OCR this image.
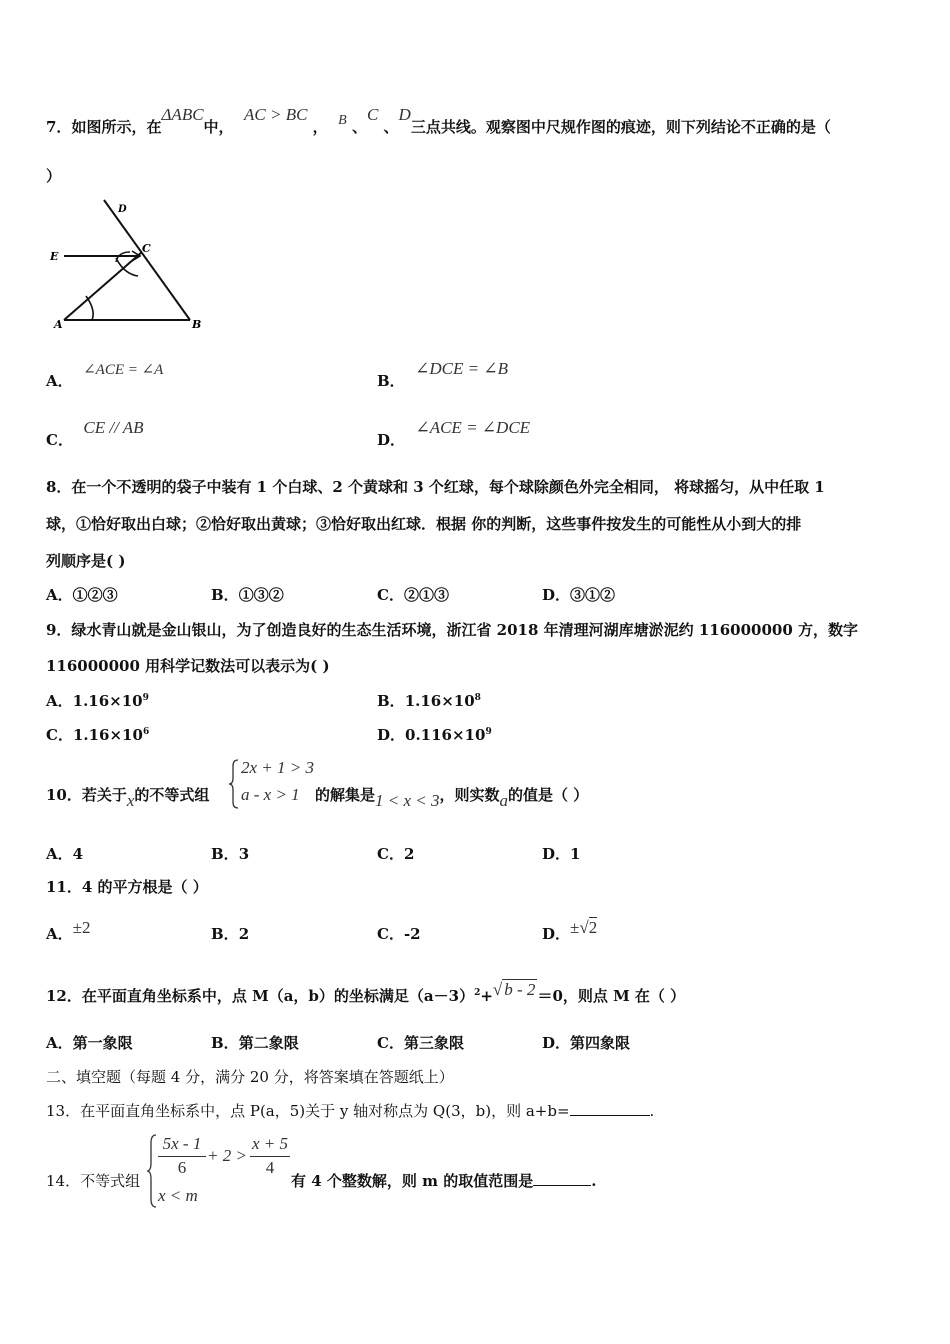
7．如图所示，在ΔABC中，  AC > BC ， B 、C 、D三点共线。观察图中尺规作图的痕迹，则下列结论不正确的是（
）
D
C
E
A	B
A．  ∠ACE = ∠A
B．  ∠DCE = ∠B
C．  CE // AB
D．  ∠ACE = ∠DCE
8．在一个不透明的袋子中装有 1 个白球、2 个黄球和 3 个红球，每个球除颜色外完全相同， 将球摇匀，从中任取 1
球，①恰好取出白球；②恰好取出黄球；③恰好取出红球．根据 你的判断，这些事件按发生的可能性从小到大的排
列顺序是( )
A．①②③	B．①③②	C．②①③	D．③①②
9．绿水青山就是金山银山，为了创造良好的生态生活环境，浙江省 2018 年清理河湖库塘淤泥约 116000000 方，数字
116000000 用科学记数法可以表示为( )
A．$1.16\times 10^9$	B．$1.16\times 10^8$
C．$1.16\times 10^6$	D．$0.116\times 10^9$
10．若关于x的不等式组
2x + 1 > 3
a - x > 1 的解集是1 < x < 3，则实数a的值是（ ）
A．4	B．3	C．2	D．1
11．4 的平方根是（ ）
A．±2	B．2	C．-2	D．±√2
12．在平面直角坐标系中，点 M（a，b）的坐标满足$(a-3)^2+√$ b - 2 ＝0，则点 M 在（ ）
A．第一象限	B．第二象限	C．第三象限	D．第四象限
二、填空题（每题 4 分，满分 20 分，将答案填在答题纸上）
13．在平面直角坐标系中，点 P(a，5)关于 y 轴对称点为 Q(3，b)，则 a+b=	.
14．不等式组
5x - 1
6
+ 2 >
x + 5
4
x < m
有 4 个整数解，则 m 的取值范围是	.
